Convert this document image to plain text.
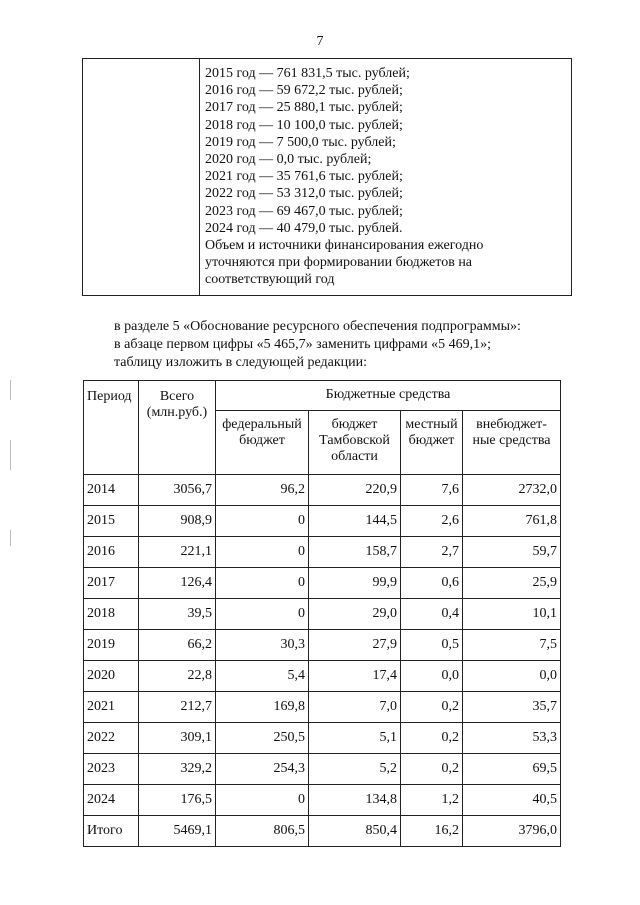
7
2015 год — 761 831,5 тыс. рублей;
2016 год — 59 672,2 тыс. рублей;
2017 год — 25 880,1 тыс. рублей;
2018 год — 10 100,0 тыс. рублей;
2019 год — 7 500,0 тыс. рублей;
2020 год — 0,0 тыс. рублей;
2021 год — 35 761,6 тыс. рублей;
2022 год — 53 312,0 тыс. рублей;
2023 год — 69 467,0 тыс. рублей;
2024 год — 40 479,0 тыс. рублей.
Объем и источники финансирования ежегодно
уточняются при формировании бюджетов на
соответствующий год
в разделе 5 «Обоснование ресурсного обеспечения подпрограммы»:
в абзаце первом цифры «5 465,7» заменить цифрами «5 469,1»;
таблицу изложить в следующей редакции:
Период	Всего (млн.руб.)	Бюджетные средства			
		федеральный бюджет	бюджет Тамбовской области	местный бюджет	внебюджет-ные средства
2014	3056,7	96,2	220,9	7,6	2732,0
2015	908,9	0	144,5	2,6	761,8
2016	221,1	0	158,7	2,7	59,7
2017	126,4	0	99,9	0,6	25,9
2018	39,5	0	29,0	0,4	10,1
2019	66,2	30,3	27,9	0,5	7,5
2020	22,8	5,4	17,4	0,0	0,0
2021	212,7	169,8	7,0	0,2	35,7
2022	309,1	250,5	5,1	0,2	53,3
2023	329,2	254,3	5,2	0,2	69,5
2024	176,5	0	134,8	1,2	40,5
Итого	5469,1	806,5	850,4	16,2	3796,0
